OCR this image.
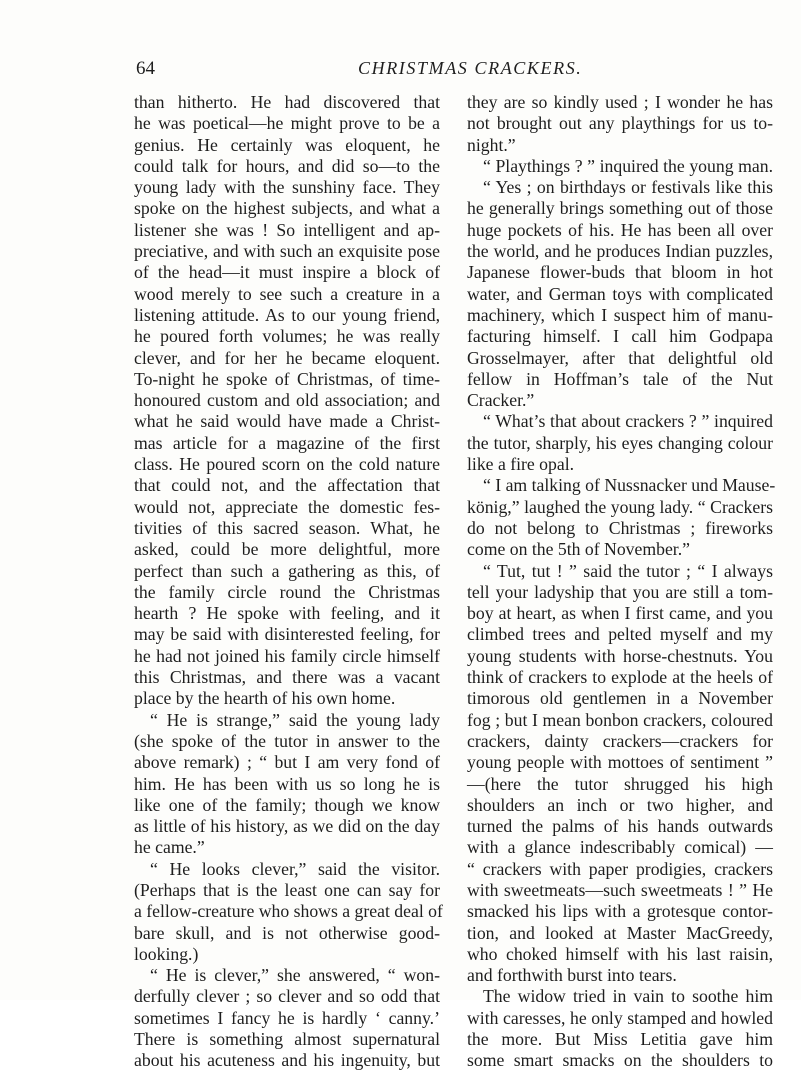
64	CHRISTMAS CRACKERS.
than hitherto. He had discovered that
he was poetical—he might prove to be a
genius. He certainly was eloquent, he
could talk for hours, and did so—to the
young lady with the sunshiny face. They
spoke on the highest subjects, and what a
listener she was ! So intelligent and ap-
preciative, and with such an exquisite pose
of the head—it must inspire a block of
wood merely to see such a creature in a
listening attitude. As to our young friend,
he poured forth volumes; he was really
clever, and for her he became eloquent.
To-night he spoke of Christmas, of time-
honoured custom and old association; and
what he said would have made a Christ-
mas article for a magazine of the first
class. He poured scorn on the cold nature
that could not, and the affectation that
would not, appreciate the domestic fes-
tivities of this sacred season. What, he
asked, could be more delightful, more
perfect than such a gathering as this, of
the family circle round the Christmas
hearth ? He spoke with feeling, and it
may be said with disinterested feeling, for
he had not joined his family circle himself
this Christmas, and there was a vacant
place by the hearth of his own home.
“ He is strange,” said the young lady
(she spoke of the tutor in answer to the
above remark) ; “ but I am very fond of
him. He has been with us so long he is
like one of the family; though we know
as little of his history, as we did on the day
he came.”
“ He looks clever,” said the visitor.
(Perhaps that is the least one can say for
a fellow-creature who shows a great deal of
bare skull, and is not otherwise good-
looking.)
“ He is clever,” she answered, “ won-
derfully clever ; so clever and so odd that
sometimes I fancy he is hardly ‘ canny.’
There is something almost supernatural
about his acuteness and his ingenuity, but
they are so kindly used ; I wonder he has
not brought out any playthings for us to-
night.”
“ Playthings ? ” inquired the young man.
“ Yes ; on birthdays or festivals like this
he generally brings something out of those
huge pockets of his. He has been all over
the world, and he produces Indian puzzles,
Japanese flower-buds that bloom in hot
water, and German toys with complicated
machinery, which I suspect him of manu-
facturing himself. I call him Godpapa
Grosselmayer, after that delightful old
fellow in Hoffman’s tale of the Nut
Cracker.”
“ What’s that about crackers ? ” inquired
the tutor, sharply, his eyes changing colour
like a fire opal.
“ I am talking of Nussnacker und Mause-
könig,” laughed the young lady. “ Crackers
do not belong to Christmas ; fireworks
come on the 5th of November.”
“ Tut, tut ! ” said the tutor ; “ I always
tell your ladyship that you are still a tom-
boy at heart, as when I first came, and you
climbed trees and pelted myself and my
young students with horse-chestnuts. You
think of crackers to explode at the heels of
timorous old gentlemen in a November
fog ; but I mean bonbon crackers, coloured
crackers, dainty crackers—crackers for
young people with mottoes of sentiment ”
—(here the tutor shrugged his high
shoulders an inch or two higher, and
turned the palms of his hands outwards
with a glance indescribably comical) —
“ crackers with paper prodigies, crackers
with sweetmeats—such sweetmeats ! ” He
smacked his lips with a grotesque contor-
tion, and looked at Master MacGreedy,
who choked himself with his last raisin,
and forthwith burst into tears.
The widow tried in vain to soothe him
with caresses, he only stamped and howled
the more. But Miss Letitia gave him
some smart smacks on the shoulders to
